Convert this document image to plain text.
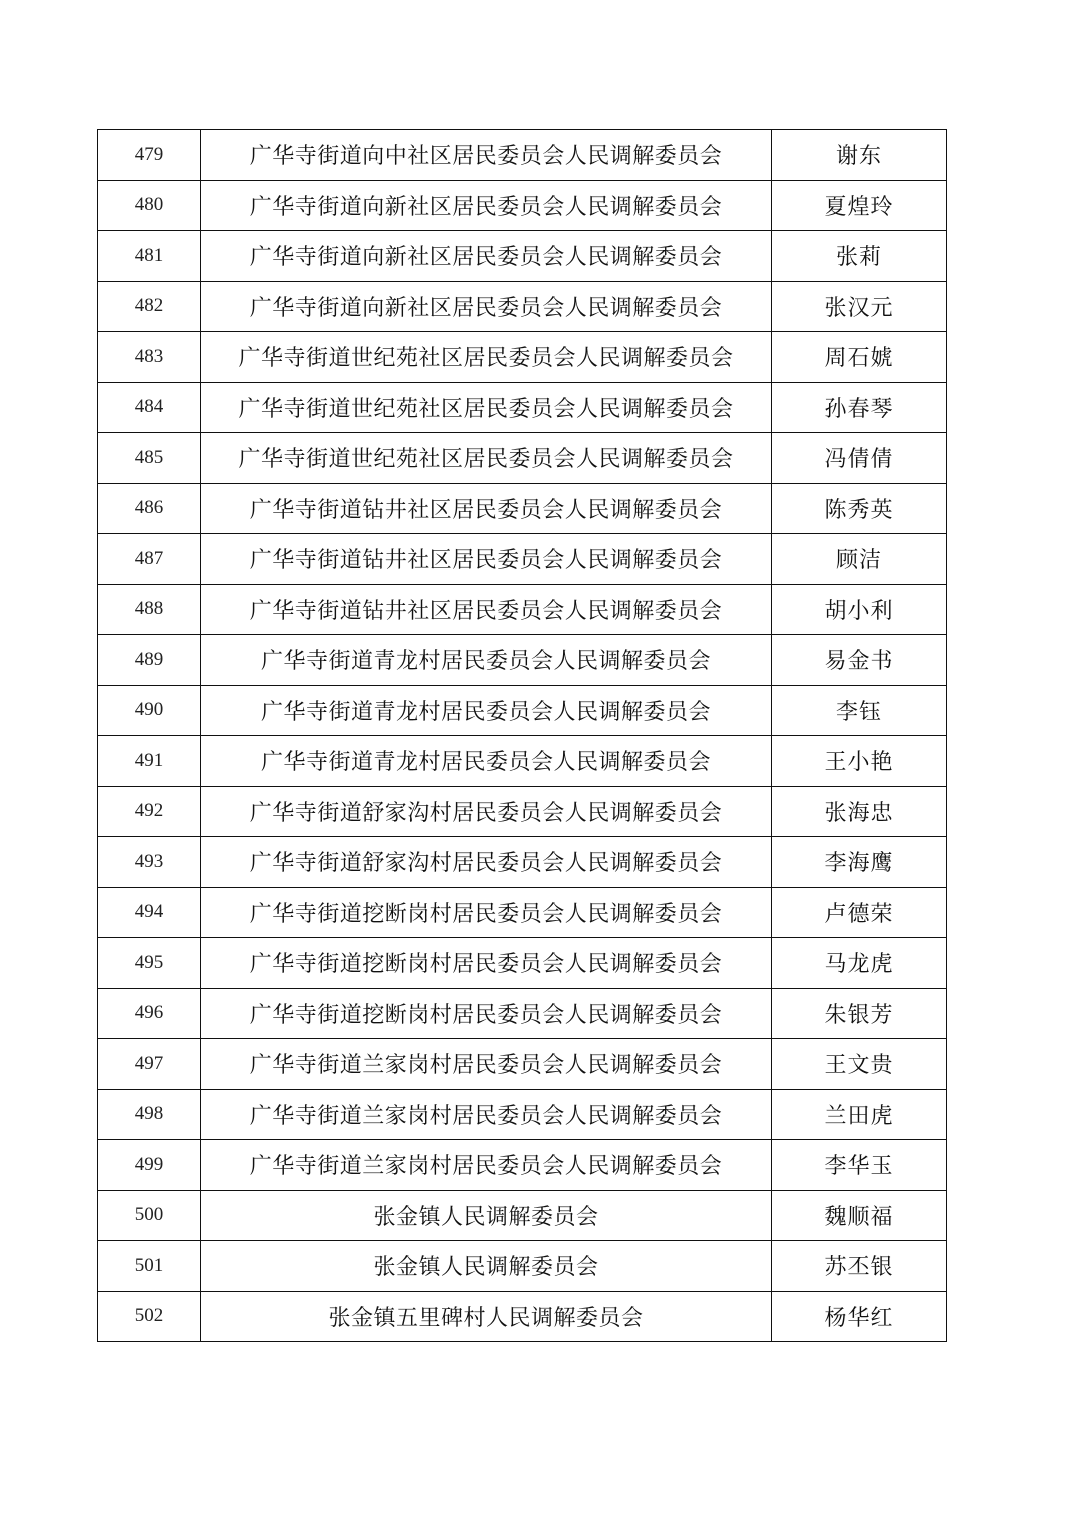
479	广华寺街道向中社区居民委员会人民调解委员会	谢东
480	广华寺街道向新社区居民委员会人民调解委员会	夏煌玲
481	广华寺街道向新社区居民委员会人民调解委员会	张莉
482	广华寺街道向新社区居民委员会人民调解委员会	张汉元
483	广华寺街道世纪苑社区居民委员会人民调解委员会	周石婋
484	广华寺街道世纪苑社区居民委员会人民调解委员会	孙春琴
485	广华寺街道世纪苑社区居民委员会人民调解委员会	冯倩倩
486	广华寺街道钻井社区居民委员会人民调解委员会	陈秀英
487	广华寺街道钻井社区居民委员会人民调解委员会	顾洁
488	广华寺街道钻井社区居民委员会人民调解委员会	胡小利
489	广华寺街道青龙村居民委员会人民调解委员会	易金书
490	广华寺街道青龙村居民委员会人民调解委员会	李钰
491	广华寺街道青龙村居民委员会人民调解委员会	王小艳
492	广华寺街道舒家沟村居民委员会人民调解委员会	张海忠
493	广华寺街道舒家沟村居民委员会人民调解委员会	李海鹰
494	广华寺街道挖断岗村居民委员会人民调解委员会	卢德荣
495	广华寺街道挖断岗村居民委员会人民调解委员会	马龙虎
496	广华寺街道挖断岗村居民委员会人民调解委员会	朱银芳
497	广华寺街道兰家岗村居民委员会人民调解委员会	王文贵
498	广华寺街道兰家岗村居民委员会人民调解委员会	兰田虎
499	广华寺街道兰家岗村居民委员会人民调解委员会	李华玉
500	张金镇人民调解委员会	魏顺福
501	张金镇人民调解委员会	苏丕银
502	张金镇五里碑村人民调解委员会	杨华红
